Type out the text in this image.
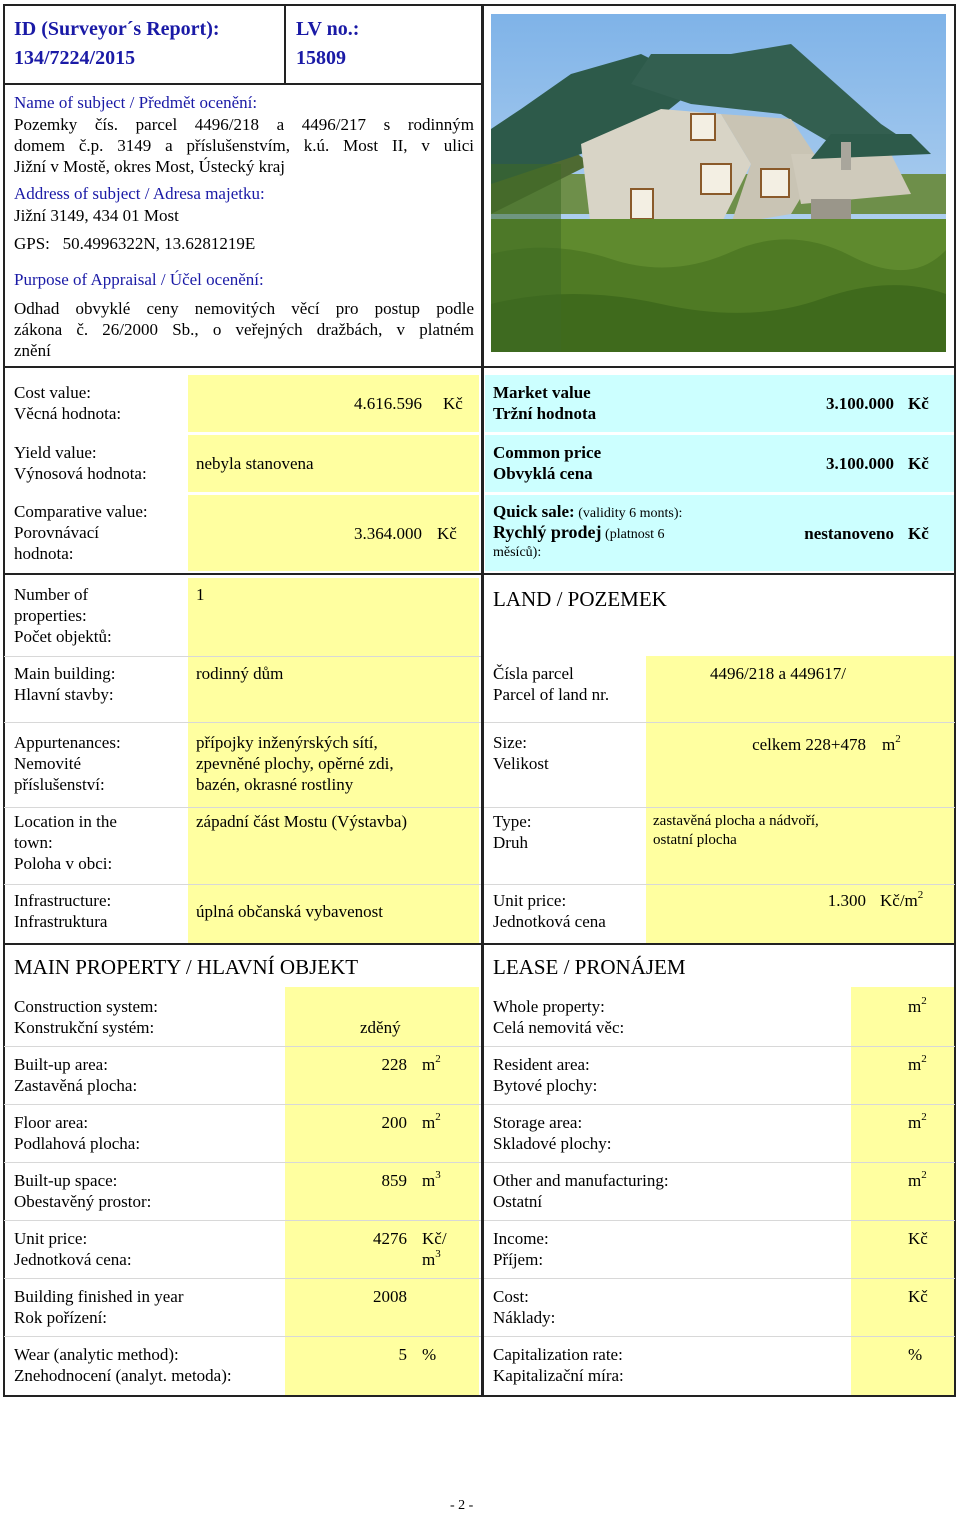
ID (Surveyor´s Report):
134/7224/2015
LV no.:
15809
Name of subject / Předmět ocenění:
Pozemky čís. parcel 4496/218 a 4496/217 s rodinným
domem č.p. 3149 a příslušenstvím, k.ú. Most II, v ulici
Jižní v Mostě, okres Most, Ústecký kraj
Address of subject / Adresa majetku:
Jižní 3149, 434 01 Most
GPS:   50.4996322N, 13.6281219E
Purpose of Appraisal / Účel ocenění:
Odhad obvyklé ceny nemovitých věcí pro postup podle
zákona č. 26/2000 Sb., o veřejných dražbách, v platném
znění
Cost value:
Věcná hodnota:
4.616.596 Kč
Yield value:
Výnosová hodnota:
nebyla stanovena
Comparative value:
Porovnávací
hodnota:
3.364.000 Kč
Market value
Tržní hodnota
3.100.000 Kč
Common price
Obvyklá cena
3.100.000 Kč
Quick sale: (validity 6 monts):
Rychlý prodej (platnost 6
měsíců):
nestanoveno Kč
Number of
properties:
Počet objektů:
1
Main building:
Hlavní stavby:
rodinný dům
Appurtenances:
Nemovité
příslušenství:
přípojky inženýrských sítí,
zpevněné plochy, opěrné zdi,
bazén, okrasné rostliny
Location in the
town:
Poloha v obci:
západní část Mostu (Výstavba)
Infrastructure:
Infrastruktura
úplná občanská vybavenost
LAND / POZEMEK
Čísla parcel
Parcel of land nr.
4496/218 a 449617/
Size:
Velikost
celkem 228+478 $m^2$
Type:
Druh
zastavěná plocha a nádvoří,
ostatní plocha
Unit price:
Jednotková cena
1.300 $Kč/m^2$
MAIN PROPERTY / HLAVNÍ OBJEKT
Construction system:
Konstrukční systém:	zděný
Built-up area:
Zastavěná plocha:
228 $m^2$
Floor area:
Podlahová plocha:
200 $m^2$
Built-up space:
Obestavěný prostor:
859 $m^3$
Unit price:
Jednotková cena:
4276 Kč/
$m^3$
Building finished in year
Rok pořízení:
2008
Wear (analytic method):
Znehodnocení (analyt. metoda):
5 %
LEASE / PRONÁJEM
Whole property:
Celá nemovitá věc:
$m^2$
Resident area:
Bytové plochy:
$m^2$
Storage area:
Skladové plochy:
$m^2$
Other and manufacturing:
Ostatní
$m^2$
Income:
Příjem:
Kč
Cost:
Náklady:
Kč
Capitalization rate:
Kapitalizační míra:
%
- 2 -
